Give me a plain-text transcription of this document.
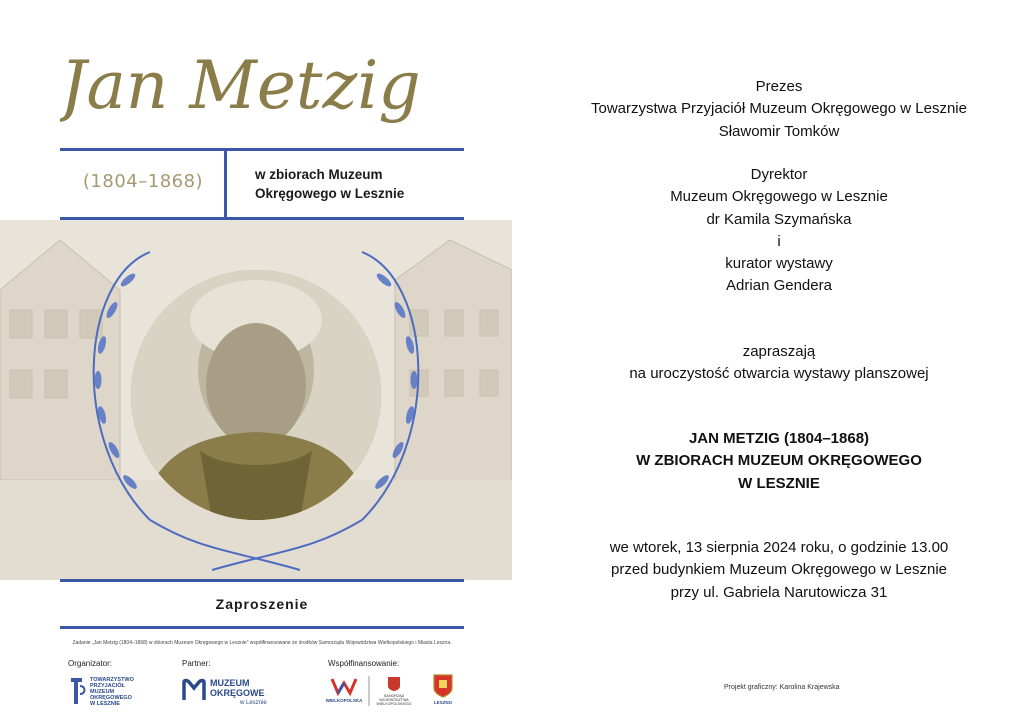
Jan Metzig
(1804–1868)	w zbiorach Muzeum
Okręgowego w Lesznie
Zaproszenie
Zadanie „Jan Metzig (1804–1868) w zbiorach Muzeum Okręgowego w Lesznie” współfinansowane ze środków Samorządu Województwa Wielkopolskiego i Miasta Leszna.
Organizator:	Partner:	Współfinansowanie:
TOWARZYSTWO
PRZYJACIÓŁ
MUZEUM
OKRĘGOWEGO
W LESZNIE
MUZEUM
OKRĘGOWE
w Lesznie	WIELKOPOLSKA
SAMORZĄD
WOJEWÓDZTWA
WIELKOPOLSKIEGO	LESZNO
Prezes
Towarzystwa Przyjaciół Muzeum Okręgowego w Lesznie
Sławomir Tomków
Dyrektor
Muzeum Okręgowego w Lesznie
dr Kamila Szymańska
i
kurator wystawy
Adrian Gendera
zapraszają
na uroczystość otwarcia wystawy planszowej
JAN METZIG (1804–1868)
W ZBIORACH MUZEUM OKRĘGOWEGO
W LESZNIE
we wtorek, 13 sierpnia 2024 roku, o godzinie 13.00
przed budynkiem Muzeum Okręgowego w Lesznie
przy ul. Gabriela Narutowicza 31
Projekt graficzny: Karolina Krajewska
